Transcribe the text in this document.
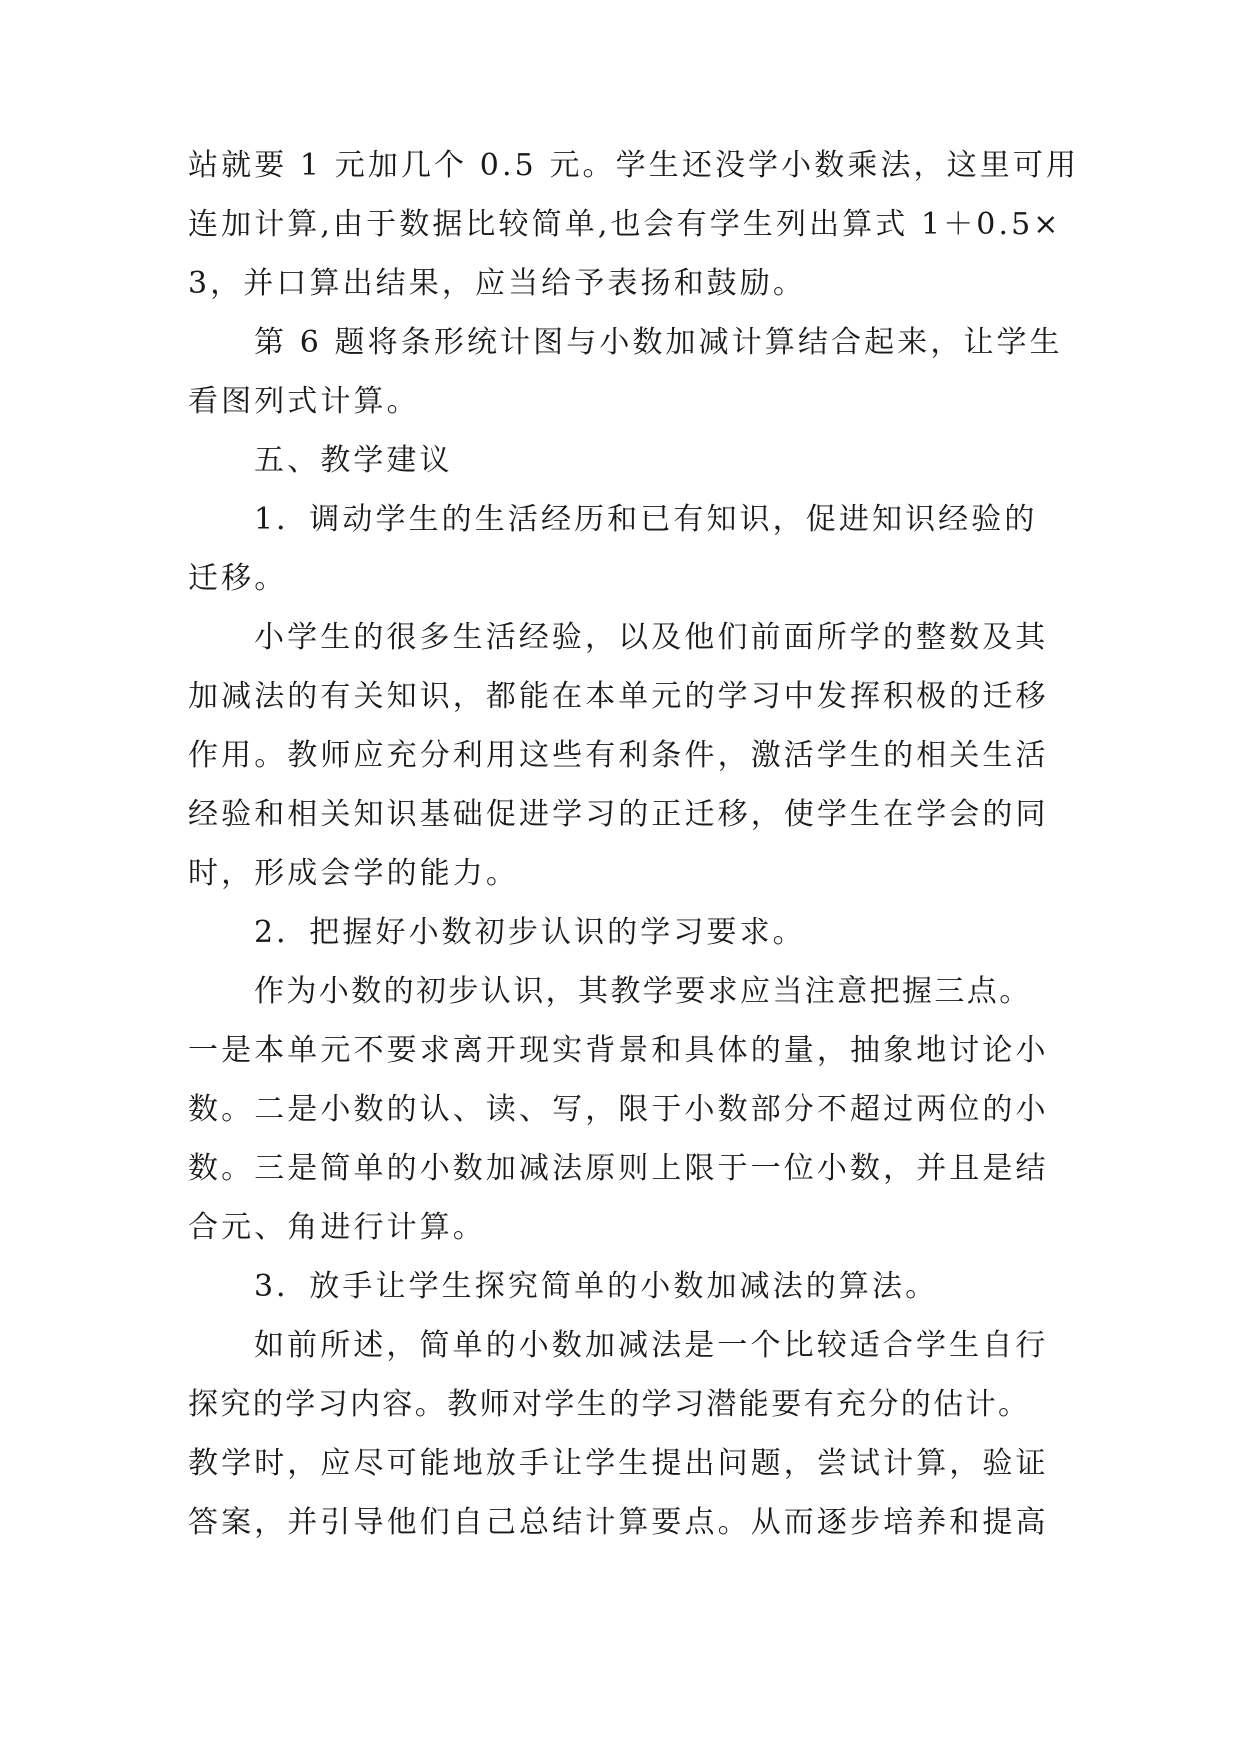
站就要 1 元加几个 0.5 元。学生还没学小数乘法，这里可用
连加计算,由于数据比较简单,也会有学生列出算式 1＋0.5×
3，并口算出结果，应当给予表扬和鼓励。
第 6 题将条形统计图与小数加减计算结合起来，让学生
看图列式计算。
五、教学建议
1．调动学生的生活经历和已有知识，促进知识经验的
迁移。
小学生的很多生活经验，以及他们前面所学的整数及其
加减法的有关知识，都能在本单元的学习中发挥积极的迁移
作用。教师应充分利用这些有利条件，激活学生的相关生活
经验和相关知识基础促进学习的正迁移，使学生在学会的同
时，形成会学的能力。
2．把握好小数初步认识的学习要求。
作为小数的初步认识，其教学要求应当注意把握三点。
一是本单元不要求离开现实背景和具体的量，抽象地讨论小
数。二是小数的认、读、写，限于小数部分不超过两位的小
数。三是简单的小数加减法原则上限于一位小数，并且是结
合元、角进行计算。
3．放手让学生探究简单的小数加减法的算法。
如前所述，简单的小数加减法是一个比较适合学生自行
探究的学习内容。教师对学生的学习潜能要有充分的估计。
教学时，应尽可能地放手让学生提出问题，尝试计算，验证
答案，并引导他们自己总结计算要点。从而逐步培养和提高
